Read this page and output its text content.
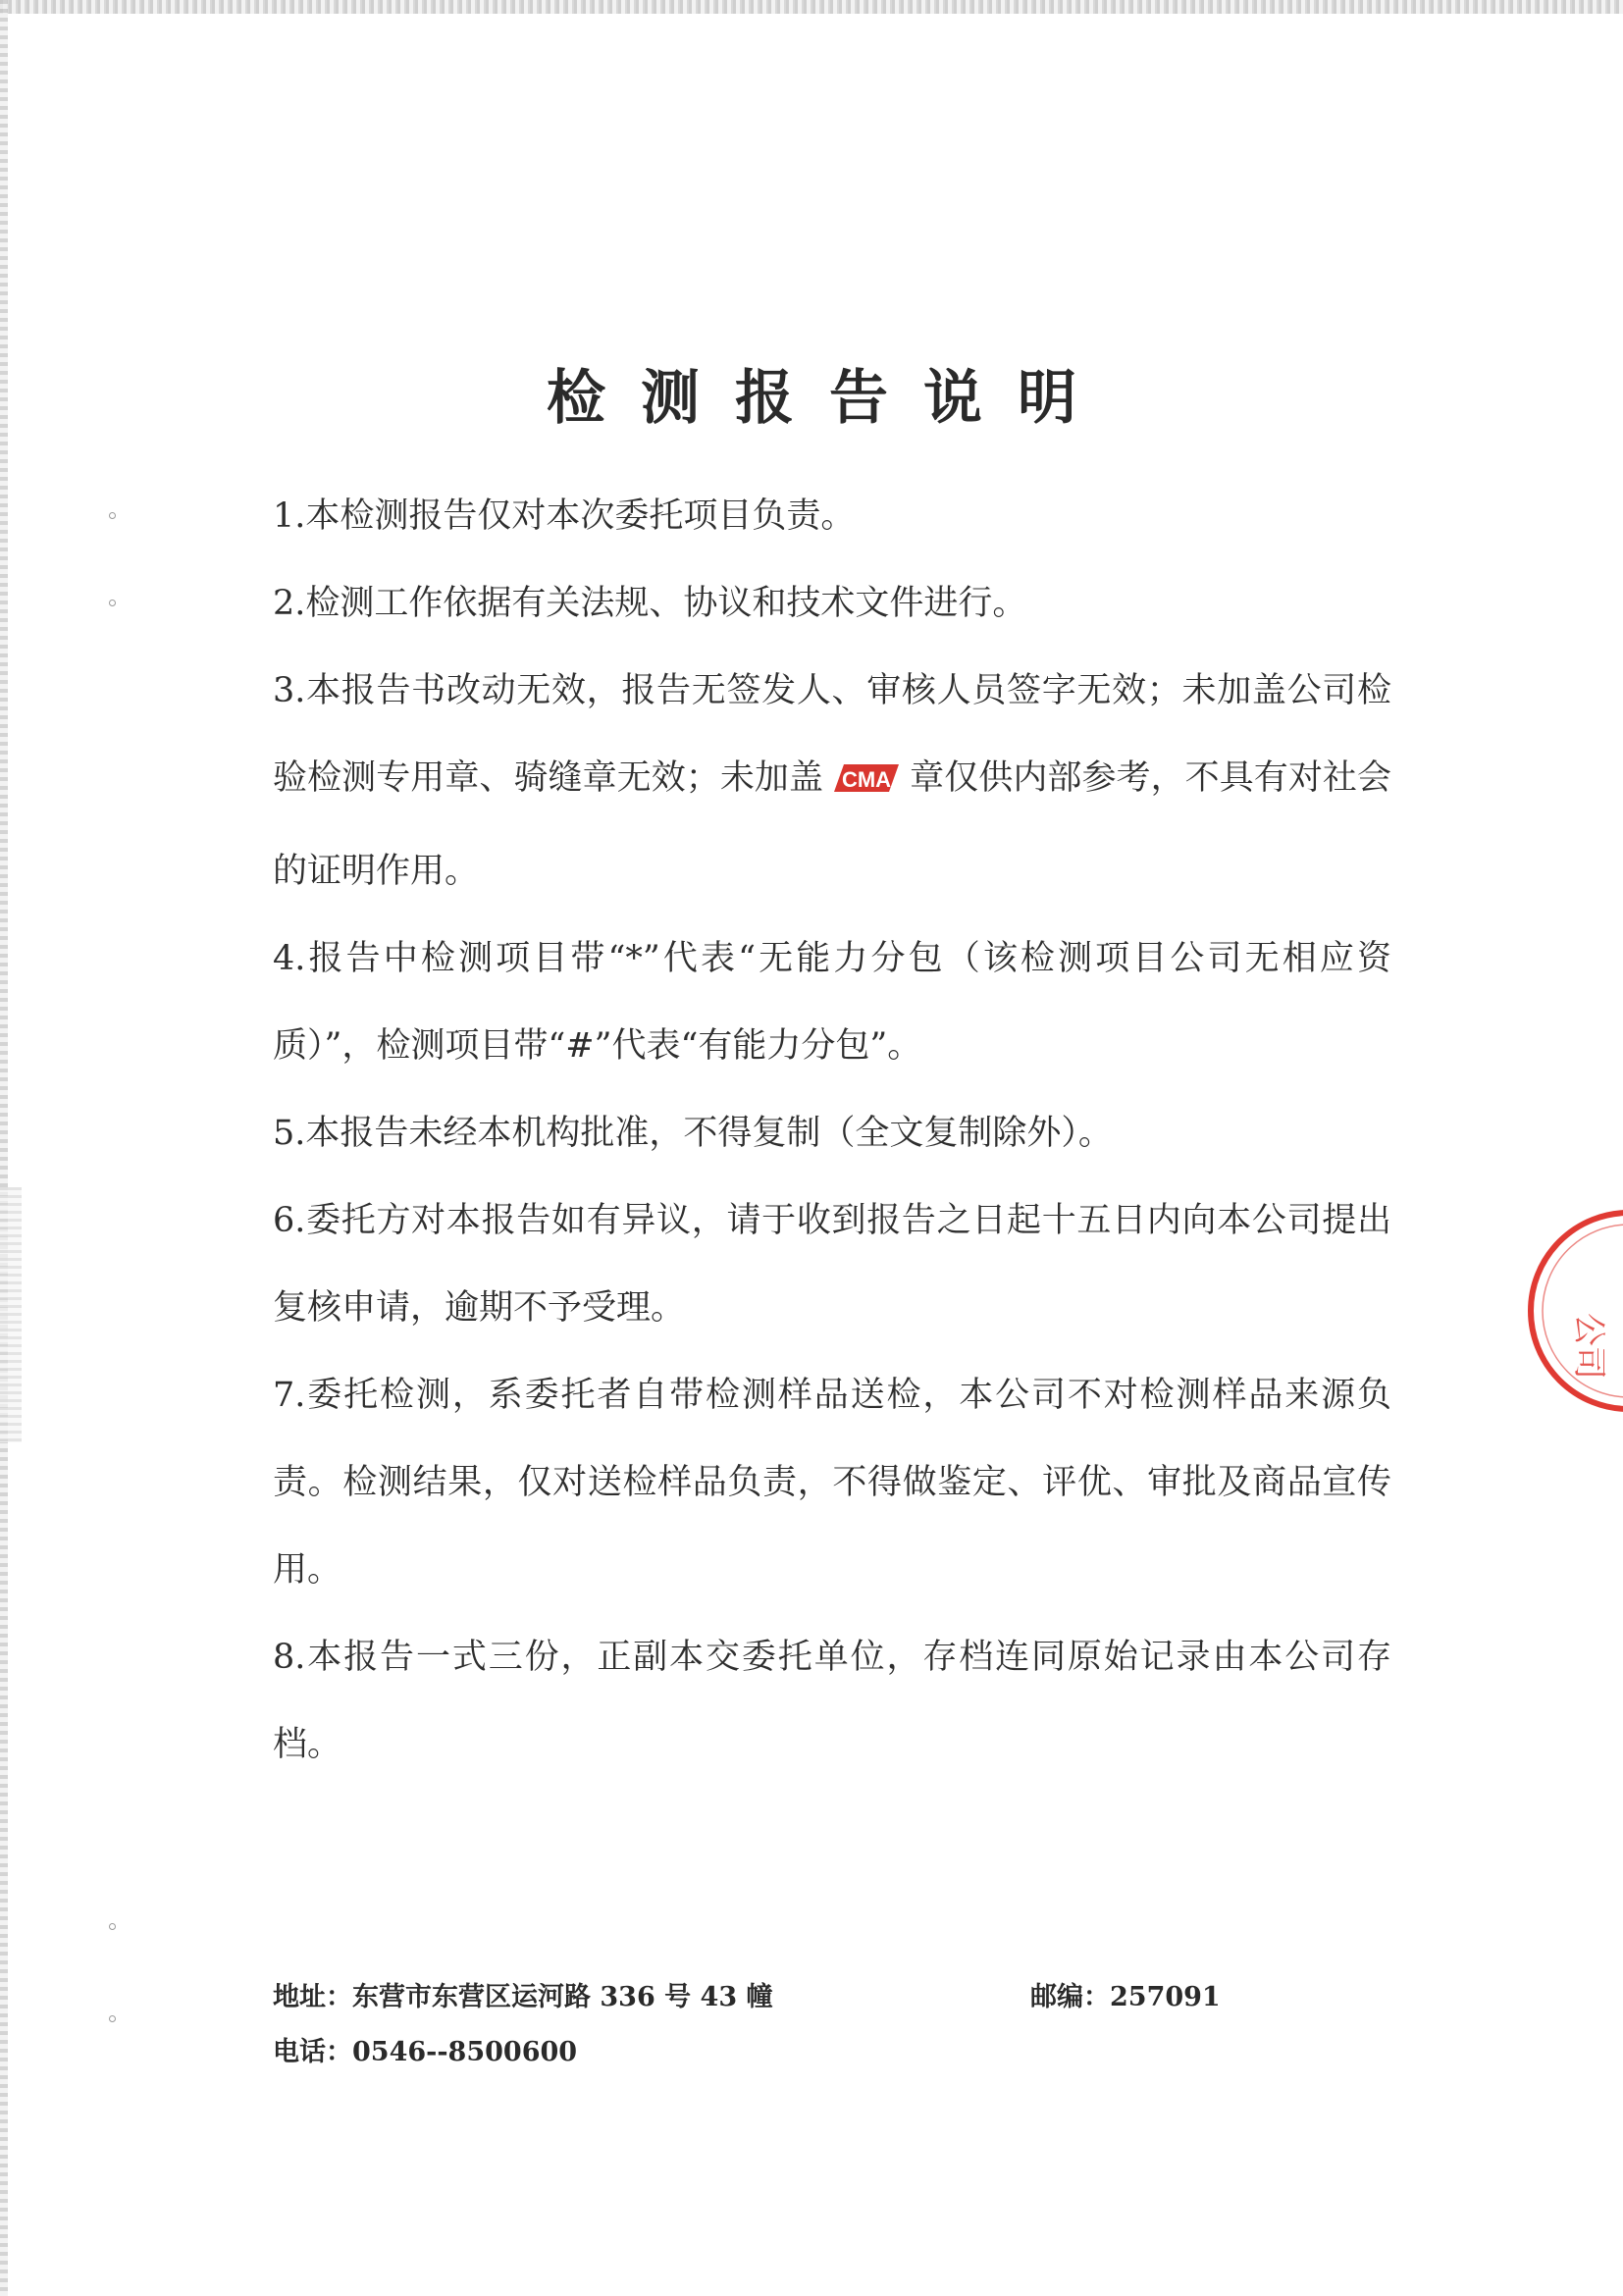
检测报告说明

1.本检测报告仅对本次委托项目负责。

2.检测工作依据有关法规、协议和技术文件进行。

3.本报告书改动无效，报告无签发人、审核人员签字无效；未加盖公司检验检测专用章、骑缝章无效；未加盖 CMA 章仅供内部参考，不具有对社会的证明作用。

4.报告中检测项目带“*”代表“无能力分包（该检测项目公司无相应资质）”，检测项目带“#”代表“有能力分包”。

5.本报告未经本机构批准，不得复制（全文复制除外）。

6.委托方对本报告如有异议，请于收到报告之日起十五日内向本公司提出复核申请，逾期不予受理。

7.委托检测，系委托者自带检测样品送检，本公司不对检测样品来源负责。检测结果，仅对送检样品负责，不得做鉴定、评优、审批及商品宣传用。

8.本报告一式三份，正副本交委托单位，存档连同原始记录由本公司存档。

地址：东营市东营区运河路 336 号 43 幢	邮编：257091
电话：0546--8500600
公司
